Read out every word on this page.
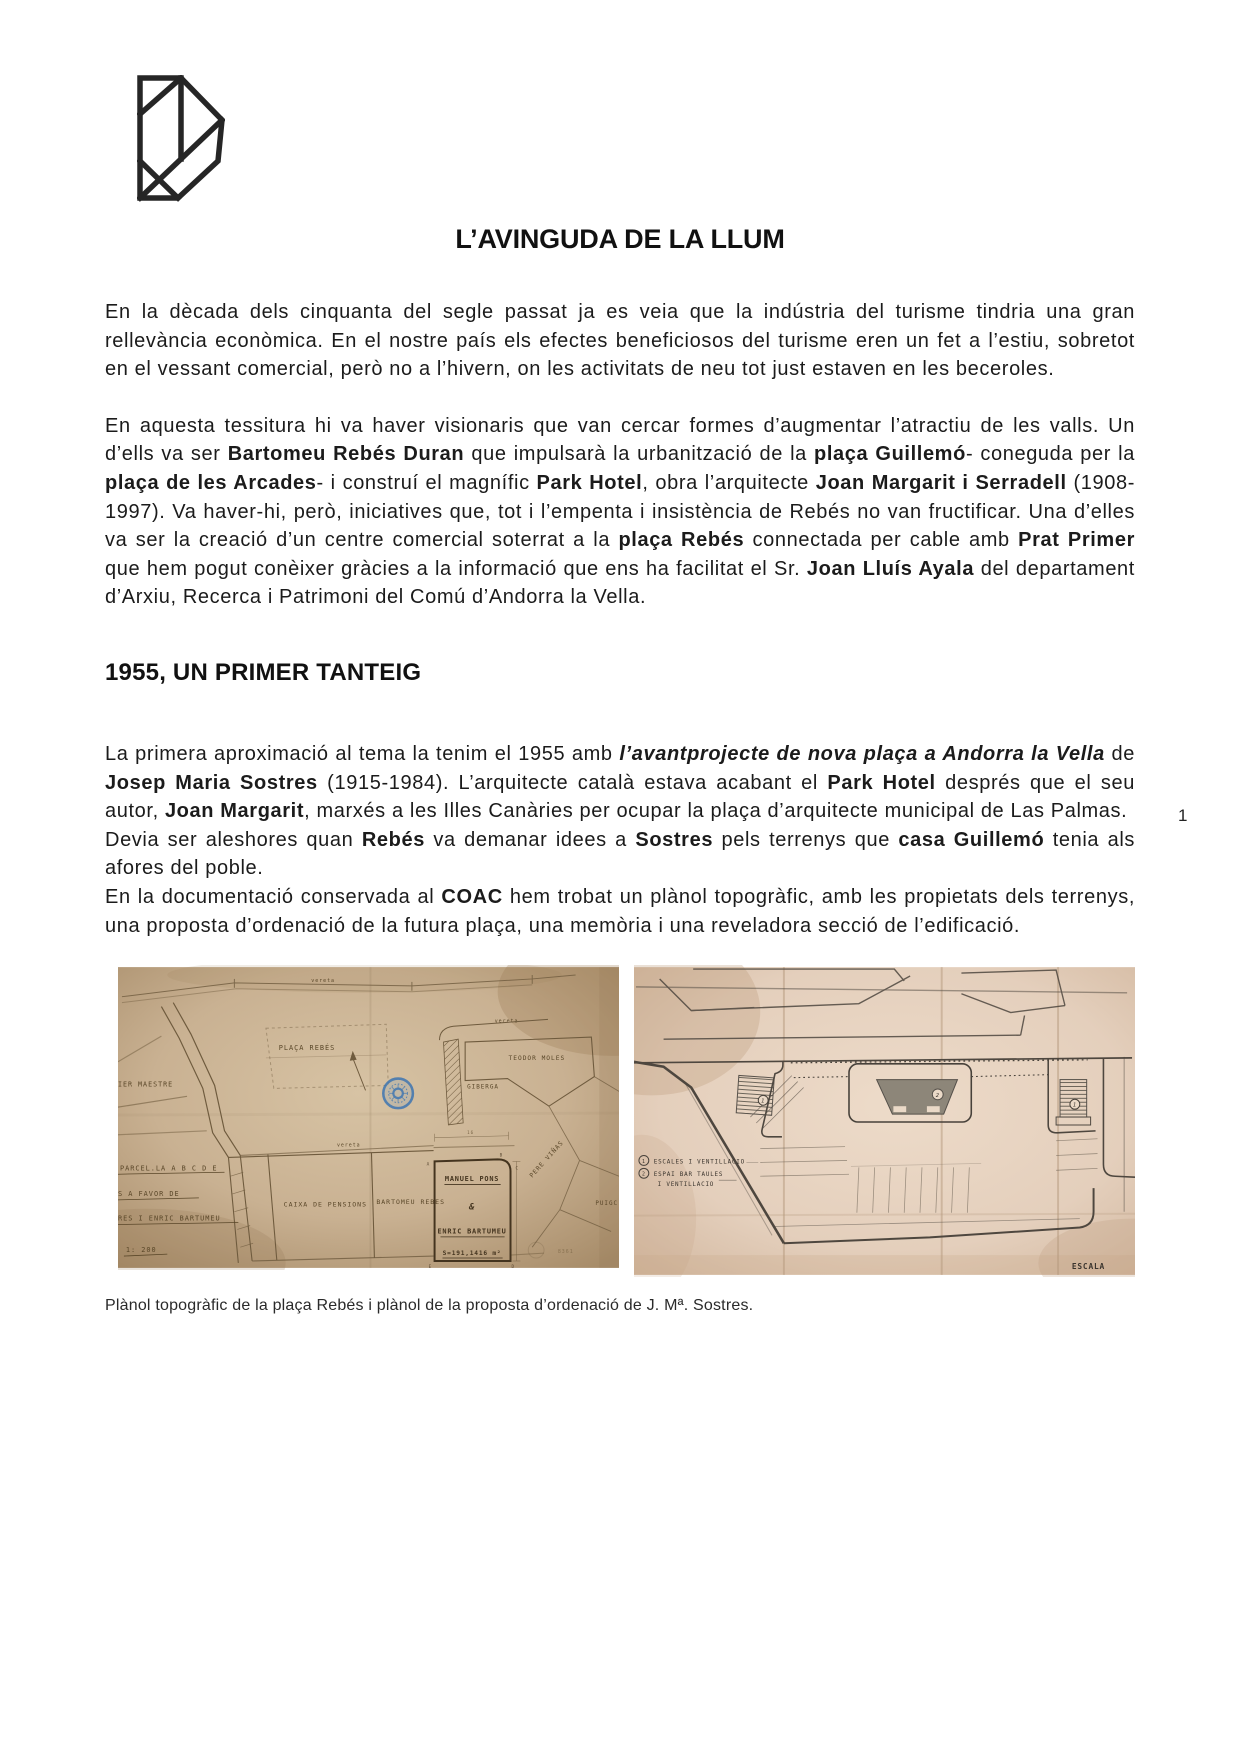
1
L’AVINGUDA DE LA LLUM

En la dècada dels cinquanta del segle passat ja es veia que la indústria del turisme tindria una gran rellevància econòmica. En el nostre país els efectes beneficiosos del turisme eren un fet a l’estiu, sobretot en el vessant comercial, però no a l’hivern, on les activitats de neu tot just estaven en les beceroles.

En aquesta tessitura hi va haver visionaris que van cercar formes d’augmentar l’atractiu de les valls. Un d’ells va ser Bartomeu Rebés Duran que impulsarà la urbanització de la plaça Guillemó- coneguda per la plaça de les Arcades- i construí el magnífic Park Hotel, obra l’arquitecte Joan Margarit i Serradell (1908-1997). Va haver-hi, però, iniciatives que, tot i l’empenta i insistència de Rebés no van fructificar. Una d’elles va ser la creació d’un centre comercial soterrat a la plaça Rebés connectada per cable amb Prat Primer que hem pogut conèixer gràcies a la informació que ens ha facilitat el Sr. Joan Lluís Ayala del departament d’Arxiu, Recerca i Patrimoni del Comú d’Andorra la Vella.

1955, UN PRIMER TANTEIG

La primera aproximació al tema la tenim el 1955 amb l’avantprojecte de nova plaça a Andorra la Vella de Josep Maria Sostres (1915-1984). L’arquitecte català estava acabant el Park Hotel després que el seu autor, Joan Margarit, marxés a les Illes Canàries per ocupar la plaça d’arquitecte municipal de Las Palmas.

Devia ser aleshores quan Rebés va demanar idees a Sostres pels terrenys que casa Guillemó tenia als afores del poble.

En la documentació conservada al COAC hem trobat un plànol topogràfic, amb les propietats dels terrenys, una proposta d’ordenació de la futura plaça, una memòria i una reveladora secció de l’edificació.

vereta
PLAÇA REBÉS
vereta
TEODOR MOLES
GIBERGA
PERE VIÑAS
PUIGC
vereta
CAIXA DE PENSIONS BARTOMEU REBES
16
A
B
C
D
E
MANUEL PONS
&
ENRIC BARTUMEU
S=191,1416 m²
IER MAESTRE
PARCEL.LA A B C D E
S A FAVOR DE
RES I ENRIC BARTUMEU
1: 200	8361
1
2
1
1 ESCALES I VENTILLACIO
2 ESPAI BAR TAULES
I VENTILLACIO
ESCALA

Plànol topogràfic de la plaça Rebés i plànol de la proposta d’ordenació de J. Mª. Sostres.
